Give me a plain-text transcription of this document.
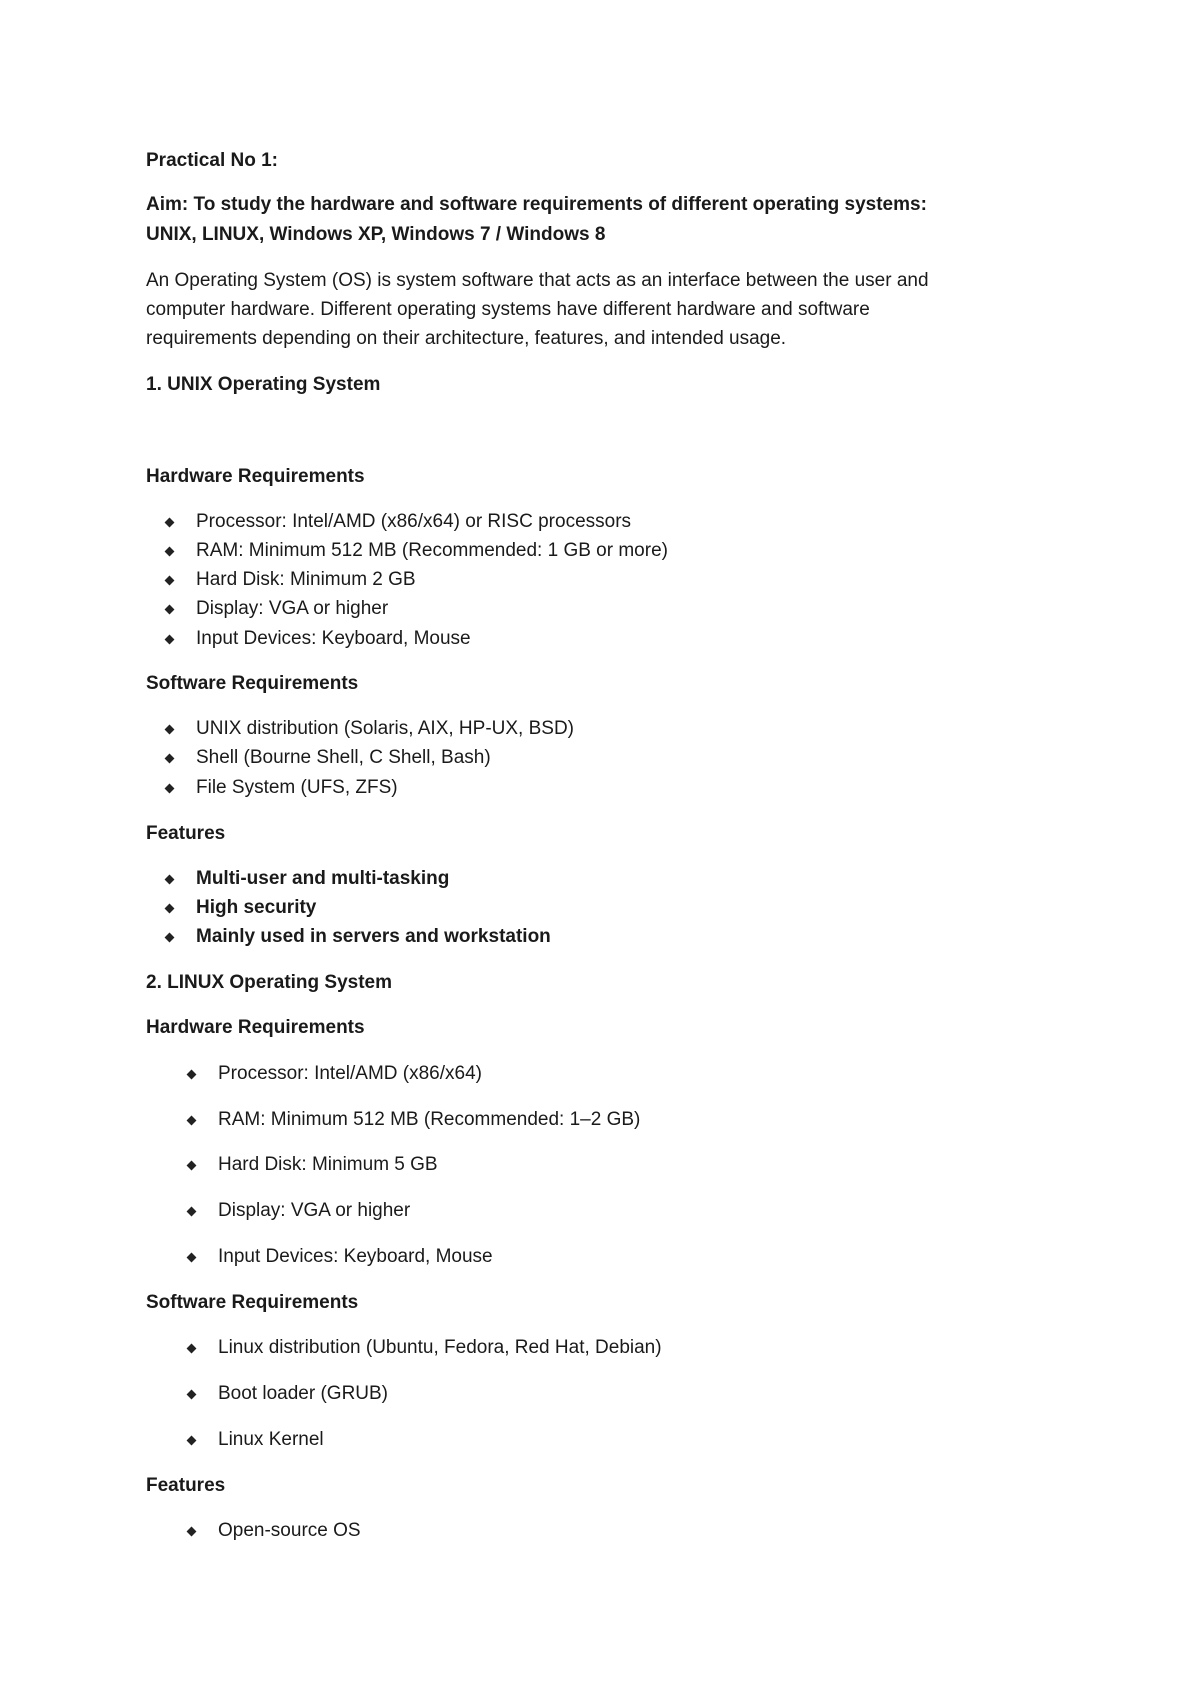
Practical No 1:

Aim: To study the hardware and software requirements of different operating systems:

UNIX, LINUX, Windows XP, Windows 7 / Windows 8

An Operating System (OS) is system software that acts as an interface between the user and

computer hardware. Different operating systems have different hardware and software

requirements depending on their architecture, features, and intended usage.

1. UNIX Operating System

Hardware Requirements

Processor: Intel/AMD (x86/x64) or RISC processors
RAM: Minimum 512 MB (Recommended: 1 GB or more)
Hard Disk: Minimum 2 GB
Display: VGA or higher
Input Devices: Keyboard, Mouse

Software Requirements

UNIX distribution (Solaris, AIX, HP-UX, BSD)
Shell (Bourne Shell, C Shell, Bash)
File System (UFS, ZFS)

Features

Multi-user and multi-tasking
High security
Mainly used in servers and workstation

2. LINUX Operating System

Hardware Requirements

Processor: Intel/AMD (x86/x64)
RAM: Minimum 512 MB (Recommended: 1–2 GB)
Hard Disk: Minimum 5 GB
Display: VGA or higher
Input Devices: Keyboard, Mouse

Software Requirements

Linux distribution (Ubuntu, Fedora, Red Hat, Debian)
Boot loader (GRUB)
Linux Kernel

Features

Open-source OS
